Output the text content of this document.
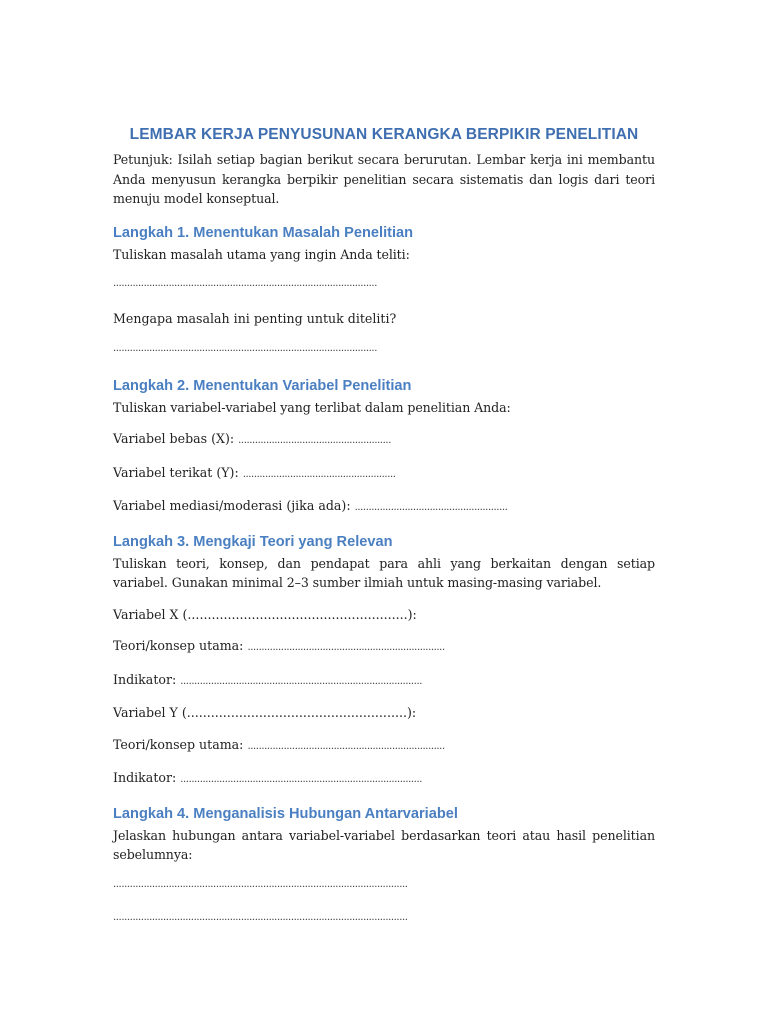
LEMBAR KERJA PENYUSUNAN KERANGKA BERPIKIR PENELITIAN

Petunjuk: Isilah setiap bagian berikut secara berurutan. Lembar kerja ini membantu Anda menyusun kerangka berpikir penelitian secara sistematis dan logis dari teori menuju model konseptual.

Langkah 1. Menentukan Masalah Penelitian

Tuliskan masalah utama yang ingin Anda teliti:

...............................................................................................

Mengapa masalah ini penting untuk diteliti?

...............................................................................................
Langkah 2. Menentukan Variabel Penelitian

Tuliskan variabel-variabel yang terlibat dalam penelitian Anda:

Variabel bebas (X): .......................................................

Variabel terikat (Y): .......................................................

Variabel mediasi/moderasi (jika ada): .......................................................

Langkah 3. Mengkaji Teori yang Relevan

Tuliskan teori, konsep, dan pendapat para ahli yang berkaitan dengan setiap variabel. Gunakan minimal 2–3 sumber ilmiah untuk masing-masing variabel.

Variabel X (.......................................................):

Teori/konsep utama: .......................................................................

Indikator: .......................................................................................

Variabel Y (.......................................................):

Teori/konsep utama: .......................................................................

Indikator: .......................................................................................

Langkah 4. Menganalisis Hubungan Antarvariabel

Jelaskan hubungan antara variabel-variabel berdasarkan teori atau hasil penelitian sebelumnya:

..........................................................................................................
..........................................................................................................
